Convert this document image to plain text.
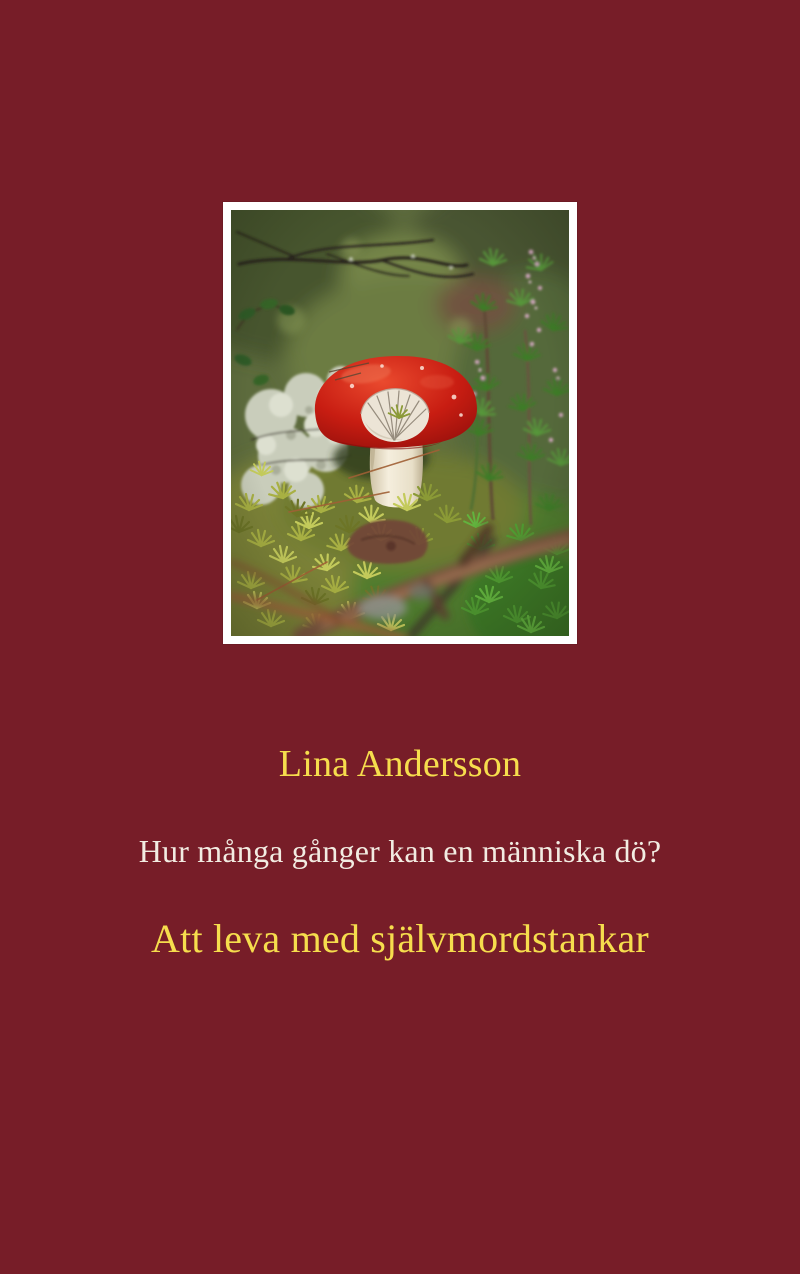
Lina Andersson
Hur många gånger kan en människa dö?
Att leva med självmordstankar
